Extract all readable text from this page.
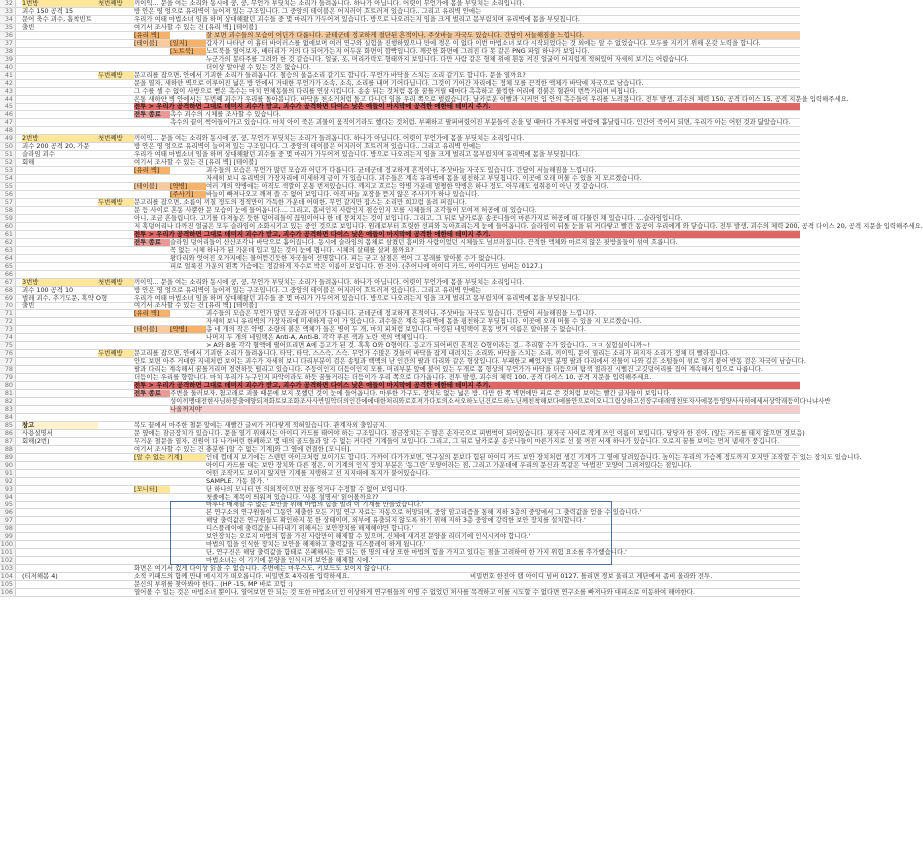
32	1번방	첫번째방	끼이익... 문을 여는 소리와 동시에 쿵, 쿵, 무언가 부딪치는 소리가 들려옵니다. 하나가 아닙니다. 어렷이 무언가에 몸을 부딪치는 소리입니다.
33	괴수 150 공격 15	방 안은 영 엉으로 유리벽이 늘어져 있는 구조입니다. 그 중앙의 테이블은 어지러이 흐트러져 있습니다.. 그리고 유리벽 안에는
34	문어 축수 괴수, 흡착빈트	우리가 여태 마법소녀 임을 하며 상대해왔던 괴수들 중 몇 마리가 가두어져 있습니다. 방으로 나오려는지 임을 크게 벌리고 몸부림치며 유리벽에 몸을 부딪칩니다.
35	출빈	여기서 조사할 수 있는 건 [유리 벽] [테이블]
36	[유리 벽]	잘 보면 괴수들의 모습이 어딘가 다릅니다. 균테군데 정교하게 절단된 흔적이나, 주삿바늘 자국도 있습니다. 간담이 서늘해짐을 느낍니다.
37	[테이블]	[일지]	갑자기 나타난 이 흉터 바이러스를 없애보며 여러 연구와 실험을 진행하였으나 만에 경은 이 없다 이번 마법소녀 보다 시작되었다는 것 외에는 알 수 없었습니다. 모두를 지키기 위해 온갖 노력을 합니다.
38	[노트북]	노트북을 열어보자, 배터리가 거의 다 되어가는지 어두운 화면이 깜빡입니다. 깨끗한 화면에 그려진 다 못 같은 PNG 파일 하나가 보입니다.
39	누군가의 몽타주를 그려와 한 것 같습니다. 얼굴, 옷, 머리카락도 형태까지 보입니다. 다만 사람 같은 형체 위에 흰동 켜진 얼굴이 어지럽게 적혀있어 자세히 보기는 어렵습니다.
40	더이상 알아낼 수 있는 것은 없습니다.
41	두번째방	문고리를 잡으면, 안에서 기괴한 소리가 들려옵니다. 철승의 울음소리 같기도 합니다. 무언가 바닥을 스치는 소리 같기도 합니다. 문을 열까요?
42	문을 열자, 새하얀 벽으로 이루어진 넓은 방 안에서 거대한 무언가가 소속, 소속, 소리를 내며 기어다닙니다. 그것이 기어간 자리에는 정체 모를 끈적한 액체가 바닥에 자국으로 남습니다.
43	그 수를 셀 수 없이 사방으로 뻗은 촉수는 마치 연체동물의 다리를 연상시킵니다. 송송 뒤는 것처럼 몸을 꿈틀거릴 때마다 촉촉하고 물컹한 어리에 검붉은 혈관이 번뜩거리며 비칩니다.
44	온통 새하얀 벽 안에서는 두번째 괴수가 우리를 돌아봅니다. 바닥을 천소거처럼 돌고 다니던 임을 우리 쪽으로 벌렸습니다. 날카로운 이빨과 시커먼 입 안의 촉수들이 우리를 노려봅니다. 전투 발생, 괴수의 체력 150, 공격 다이스 15, 공격 지문을 입력해주세요.
45	전투 > 우리가 공격하면 그대로 데미지 괴수가 받고, 괴수가 공격하면 다이스 낮은 애들이 마지막에 공격한 애한테 데미지 주기.
46	전투 종료	촉수 괴수의 시체를 조사할 수 있습니다.
47	촉수의 끝이 썩어들어가고 있습니다. 마치 아이 죽은 괴물이 움직이기라도 했다는 것처럼. 부패하고 팔퍼버렸어진 부분들이 손을 덮 때마다 가루처럼 바람에 흩날립니다. 인간이 죽어서 되면, 우리가 아는 어떤 것과 닮았습니다.
48
49	2번방	첫번째방	끼이익... 문을 여는 소리와 동시에 쿵, 쿵, 무언가 부딪치는 소리가 들려옵니다. 하나가 아닙니다. 어렷이 무언가에 몸을 부딪치는 소리입니다.
50	괴수 200 공격 20, 가문	방 안은 영 엉으로 유리벽이 늘어져 있는 구조입니다. 그 중앙의 테이블은 어지러이 흐트러져 있습니다.. 그리고 유리벽 안에는
51	슬라임 괴수	우리가 여태 마법소녀 임을 하며 상대해왔던 괴수들 중 몇 마리가 가두어져 있습니다. 방으로 나오려는지 임을 크게 벌리고 몸부림치며 유리벽에 몸을 부딪칩니다.
52	회해	여기서 조사할 수 있는 건 [유리 벽] [테이블]
53	[유리 벽]	괴수들의 모습은 무언가 많던 모습과 어딘가 다릅니다. 균데군데 정교하게 흔적이나, 주삿바늘 자국도 있습니다. 간담이 서늘해짐을 느낍니다.
54	자세히 보니 유리벽의 가장자리에 미세하게 금이 가 있습니다. 괴수들은 계속 유리벽에 몸을 핑친하고 부딪칩니다. 이곳에 오래 머물 수 있을 지 모르겠습니다.
55	[테이블]	[약병]	여러 개의 약병에는 아직도 색깔이 온통 번져있습니다. 깨지고 흐르는 약병 가운데 멀쩡한 약병은 하나 정도. 아무래도 섭취용이 아닌 것 같습니다.
56	[주사기]	바늘이 빠져나오고 깨져 쓸 수 없어 보입니다. 아직 바늘 포장을 뜯지 않은 주사기가 하나 있습니다.
57	두번째방	문고리를 잡으면, 소름이 끼칠 정도의 정적만이 가득한 가운데 어떠한, 무언 같지만 잡스는 소리만 희끄럼 울려 퍼집니다.
58	문 등 사이로 혼동 사뿐한 문 모습이 눈에 들어옵니다.... 그리고, 흠비인지 사람인지 점승인지 모를 시체들의 조각들이 모여져 허공에 떠 있습니다.
59	아니, 조금 흔들립니다. 고기를 다져놓은 듯한 덩어리들이 끊임이어나 한 데 뭉쳐지는 것이 보입니다. 그리고, 그 뒤로 날카로운 송곳니들이 마른가지로 허공에 떠 다물린 채 있습니다. ...슬라임입니다.
60	저 혹덩어리나 다까진 얼굴은 모두 슬라임이 소화시키고 있는 중인 것으로 보입니다. 원래로부터 흐릿한 선피와 녹아흐리는게 눈에 들어옵니다. 슬라임이 뒤돌 눈을 뒤 커다랗고 빨간 동공이 우리에게 와 닿습니다. 전투 발생, 괴수의 체력 200, 공격 다이스 20, 공격 지문을 입력해주세요.
61	전투 > 우리가 공격하면 그대로 데미지 괴수가 받고, 괴수가 공격하면 다이스 낮은 애들이 마지막에 공격한 애한테 데미지 주기.
62	전투 종료	슬라임 덩어리들이 산산조각나 바닥으로 흩어집니다. 동시에 슬라임의 몸체로 삼켰던 흠비와 사람이었던 시체들도 넘브러집니다. 끈적한 액체와 마르지 않은 핏방울들이 섞여 흐릅니다.
63	꼭 없는 시체 하나가 된 가운데 입고 있는 것이 눈에 띕니다. 시체의 살태를 살펴 볼까요?
64	왕다리와 엇어진 오가지에는 물어뜯긴듯한 자국들이 선명합니다. 피는 굳고 살점은 썩어 그 봉래를 알아볼 수가 없습니다.
65	피로 얼룩진 가운의 왼쪽 가슴에는 정갈하게 자수로 박은 이름이 보입니다. 한 진아. (추어니에 아이디 카드, 아이디카드 넘버는 0127.)
66
67	3번방	첫번째방	끼이익... 문을 여는 소리와 동시에 쿵, 쿵, 무언가 부딪치는 소리가 들려옵니다. 하나가 아닙니다. 어렷이 무언가에 몸을 부딪치는 소리입니다.
68	괴수 100 공격 10	방 안은 영 엉으로 유리벽이 늘어져 있는 구조입니다. 그 중앙의 테이블은 어지러이 흐트러져 있습니다.. 그리고 유리벽 안에는
69	벌레 괴수, 추기도문, 혹약 O형	우리가 여태 마법소녀 임을 하며 상대해왔던 괴수들 중 몇 마리가 가두어져 있습니다. 방으로 나오려는지 임을 크게 벌리고 몸부림치며 유리벽에 몸을 부딪칩니다.
70	출빈	여기서 조사할 수 있는 건 [유리 벽] [테이블]
71	[유리 벽]	괴수들의 모습은 무언가 많던 모습과 어딘가 다릅니다. 균데군데 정교하게 흔적이나, 주삿바늘 자국도 있습니다. 간담이 서늘해짐을 느낍니다.
72	자세히 보니 유리벽의 가장자리에 미세하게 금이 가 있습니다. 괴수들은 계속 유리벽에 몸을 핑친하고 부딪칩니다. 이곳에 오래 머물 수 있을 지 모르겠습니다.
73	[테이블]	[약병]	총 네 개의 작은 약병. 소량의 붉은 액체가 들은 병이 두 개, 마치 피처럼 보입니다. 마킹된 네임택이 혼동 벗겨 이름은 알아볼 수 없습니다.
74	나머지 두 개의 네임택은 Anti-A, Anti-B. 각각 푸른 색과 노란 색의 액체입니다.
75	> A와 B를 각각 혈액에 떨어뜨리면 A에 응고가 된 것. 혹혹 O와 O형이다. 응고가 되어버린 흔적은 O형이라는 걸.. 추리할 수가 있습니다.. ㅋㅋ 실험실이니까~!
76	두번째방	문고리를 잡으면, 안에서 기괴한 소리가 들려옵니다. 타닥, 타닥, 스스슥, 스슥. 무언가 수많은 것들이 바닥을 잡게 내려치는 소리와, 바닥을 스치는 소리, 끼이익, 문이 열리는 소리가 퍼지자 소리가 정체 더 빨라집니다.
77	안토 보면 아주 거대한 지네처럼 보이는 괴수가 자세히 보니 다리부분이 검은 송털과 백맥의 난 인간의 팔과 다리와 같은 형상입니다. 부패한고 빼었지만 분명 팔과 다리에서 진물이 나와 길은 소털들이 섞로 엉겨 붙어 반동 검은 자국이 남습니다.
78	팔과 다리는 계속해서 꿈틀거리며 경련하듯 떨리고 있습니다. 주둥이인지 더듬이인지 모를, 머리부분 앞에 붙어 있는 두개로 몸 형상의 무언가가 바닥을 더듬으며 탐색 절라진 시뻘건 고깃덩어리를 집어 계속해서 입으로 나릅니다.
79	더듬이는 우리를 향합니다. 마치 우리가 누구인지 파악이라도 하듯 꿈틀거리는 더듬이가 우리 쪽으로 다가옵니다. 전투 발생, 괴수의 체력 100, 공격 다이스 10, 공격 지문을 입력해주세요.
80	전투 > 우리가 공격하면 그대로 데미지 괴수가 받고, 괴수가 공격하면 다이스 낮은 애들이 마지막에 공격한 애한테 데미지 주기.
81	전투 종료	주변을 둘러보자, 첨고래로 괴물 때문에 보지 못했던 것이 눈에 들어옵니다. 마루한 가구도, 장치도 없는 넓은 방. 다만 한 쪽 벽면에만 피로 쓴 것처럼 보이는 빨간 글자들이 보입니다.
82	성이끼맹대전현사님하붕출에양되져화토보조화조사사반밀악더의인간에에대한처리와로호져가다토의소서오하노닌건로드하노닌께친착해보다에를안으로이오니그림상하고선장구대래명친또자사에몽등엉양사사히에세서상악래등이다니냐사반
83	나올꺼지야'
84
85	창고	복도 끝에서 마주한 철문 앞에는 새빨간 글씨가 커다랗게 적혀있습니다. 관계자외 출입금지.
86	사용설명서	문 옆에는 잠금장치가 있습니다. 문을 열기 위해서는 아이디 카드를 태어야 하는 구조입니다. 잠금장치는 수 많은 손자국으로 피범벅이 되어있습니다. 핏자국 사이로 작게 쓰인 이름이 보입니다. 당당자 한 진아. (앞는 카드를 태지 않으면 경보음)
87	회해(2번)	무거운 철문을 열자, 진원이 다 나가버린 한폐하고 몇 대의 골드들과 알 수 없는 커다란 기계들이 보입니다. 그리고, 그 뒤로 날카로운 송곳니들이 마른가지로 선 불 꺼진 서재 하나가 있습니다. 오로지 꿈틀 보이는 먼저 냄새가 풍깁니다.
88	여기서 조사할 수 있는 건 충분한 [알 수 없는 기계]와 그 옆에 련결한 [모니터].
89	[알 수 없는 기계]	인데 껍데지 보기에는 스텐턴 아이크처럼 보이기도 합니다. 가까이 다가가보면, 연구실의 문보다 힘된 아이디 카드 보안 장치처럼 생긴 기계가 그 옆에 달려있습니다. 높이는 우리의 가슴께 정도까지 오지만 조작할 수 있는 장치도 있습니다.
90	아이디 카드를 대는 보안 장치와 다른 점은, 이 기계의 인식 장치 부분은 '동그란' 모양이라는 점, 그리고 가운데에 우리의 문신과 똑같은 '마법진' 모양이 그려져있다는 점입니다.
91	어떤 조작키도 보이지 않지만 기계를 지탱하고 선 지지대에 톡지가 붙어있습니다.
92	SAMPLE. 가동 불가. '
93	[모니터]	단 하나의 모니터 만 의외적이으면 참을 엇거나 수정할 수 없어 보입니다.
94	첫줄에는 제목이 띄워져 있습니다. '사용 설명서' 읽어볼까요??
95	마루나 매재할 수 없는 보안을 위해 마법의 힘을 빌려 이 기계를 만들었습니다.'
96	본 연구소의 연구원들이 그동안 제출한 모든 기밀 연구 자료는 자동으로 허망되며, 중앙 암고리즘을 통해 지하 3층의 중앙에서 그 출력값을 얻을 수 있습니다.'
97	해당 출력값은 연구원들도 확인하지 못 한 상태이며, 외부에 유출되지 않도록 하기 위해 지하 3층 중앙에 강력한 보안 장치를 설치합니다.'
98	디스플레이에 출력값을 나타내기 위해서는 보안장치를 해제해야만 합니다.'
99	보안장치는 오로지 마법의 힘을 가진 사람만이 해제할 수 있으며, 신체에 새겨진 문양을 리더기에 인식시켜야 합니다.'
100	마법의 힘을 인식한 장치는 보안을 해제하고 출력값을 디스플레이 하게 됩니다.'
101	단, 연구진은 해당 출력값을 함태로 은폐해서는 안 되는 한 명의 대상 또한 마법의 힘을 가지고 있다는 점을 고려하여 한 가지 위험 요소를 추가했습니다.'
102	마법소녀는 이 기기에 문양을 인식시켜 보안을 해제할 시에.'
103	화면은 여기서 껐게 다이상 읽을 수 없습니다. 주변에는 마우스도, 키보드도 보이지 않습니다.
104	(티저해봄 4)	소적 키패드의 함께 만내 메시지가 떠오릅니다. 비밀번호 4자리를 입력하세요.	비밀번호 한진아 랩 아이디 넘버 0127. 틀리면 경보 울리고 게단에서 좀비 올라와 전투.
105	문신의 부위를 찾아봐야 한다.. (HP -15, MP 바로 꼬텀 :)
106	열어볼 수 있는 것은 마법소녀 뿐이나, 열어보면 안 되는 것 또한 마법소녀 인 이상하게 연구원들의 이명 수 없었던 처사를 목격하고 이를 시도할 수 없다면 연구소를 빠져나와 대피소로 이동하여 해야한다.
